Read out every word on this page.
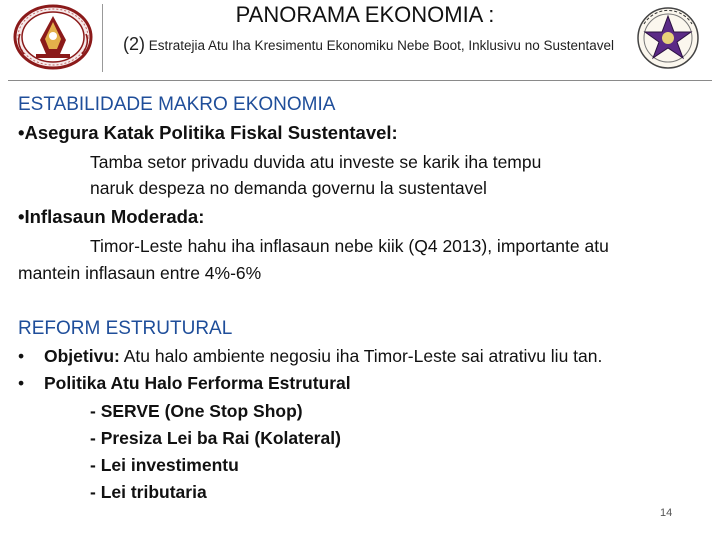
PANORAMA EKONOMIA :
(2) Estratejia Atu Iha Kresimentu Ekonomiku Nebe Boot, Inklusivu no Sustentavel
ESTABILIDADE MAKRO EKONOMIA
•Asegura Katak Politika Fiskal Sustentavel:
Tamba setor privadu duvida atu investe se karik iha tempu
naruk despeza no demanda governu la sustentavel
•Inflasaun Moderada:
Timor-Leste hahu iha inflasaun nebe kiik (Q4 2013), importante atu
mantein inflasaun entre 4%-6%
REFORM ESTRUTURAL
• Objetivu: Atu halo ambiente negosiu iha Timor-Leste sai atrativu liu tan.
• Politika Atu Halo Ferforma Estrutural
- SERVE (One Stop Shop)
- Presiza Lei ba Rai (Kolateral)
- Lei investimentu
- Lei tributaria
14
